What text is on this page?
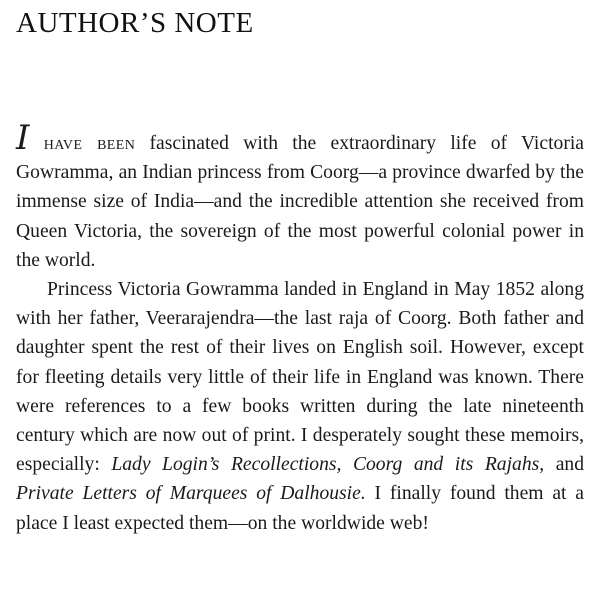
AUTHOR’S NOTE

I have been fascinated with the extraordinary life of Victoria Gowramma, an Indian princess from Coorg—a province dwarfed by the immense size of India—and the incredible attention she received from Queen Victoria, the sovereign of the most powerful colonial power in the world.

Princess Victoria Gowramma landed in England in May 1852 along with her father, Veerarajendra—the last raja of Coorg. Both father and daughter spent the rest of their lives on English soil. However, except for fleeting details very little of their life in England was known. There were references to a few books written during the late nineteenth century which are now out of print. I desperately sought these memoirs, especially: Lady Login’s Recollections, Coorg and its Rajahs, and Private Letters of Marquees of Dalhousie. I finally found them at a place I least expected them—on the worldwide web!
